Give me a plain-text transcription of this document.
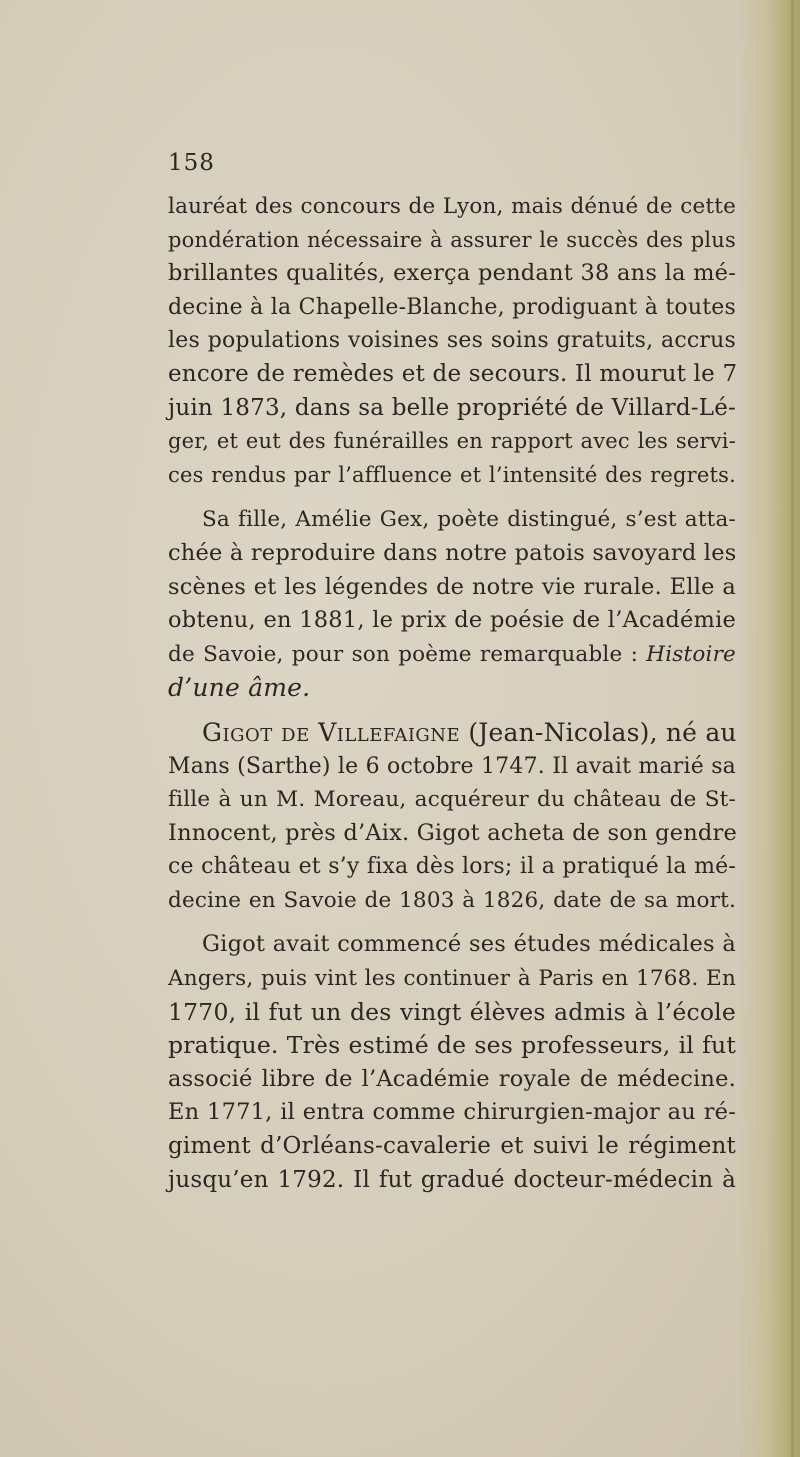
158
lauréat des concours de Lyon, mais dénué de cette
pondération nécessaire à assurer le succès des plus
brillantes qualités, exerça pendant 38 ans la mé-
decine à la Chapelle-Blanche, prodiguant à toutes
les populations voisines ses soins gratuits, accrus
encore de remèdes et de secours. Il mourut le 7
juin 1873, dans sa belle propriété de Villard-Lé-
ger, et eut des funérailles en rapport avec les servi-
ces rendus par l’affluence et l’intensité des regrets.
Sa fille, Amélie Gex, poète distingué, s’est atta-
chée à reproduire dans notre patois savoyard les
scènes et les légendes de notre vie rurale. Elle a
obtenu, en 1881, le prix de poésie de l’Académie
de Savoie, pour son poème remarquable : Histoire
d’une âme.
Gigot de Villefaigne (Jean-Nicolas), né au
Mans (Sarthe) le 6 octobre 1747. Il avait marié sa
fille à un M. Moreau, acquéreur du château de St-
Innocent, près d’Aix. Gigot acheta de son gendre
ce château et s’y fixa dès lors; il a pratiqué la mé-
decine en Savoie de 1803 à 1826, date de sa mort.
Gigot avait commencé ses études médicales à
Angers, puis vint les continuer à Paris en 1768. En
1770, il fut un des vingt élèves admis à l’école
pratique. Très estimé de ses professeurs, il fut
associé libre de l’Académie royale de médecine.
En 1771, il entra comme chirurgien-major au ré-
giment d’Orléans-cavalerie et suivi le régiment
jusqu’en 1792. Il fut gradué docteur-médecin à
